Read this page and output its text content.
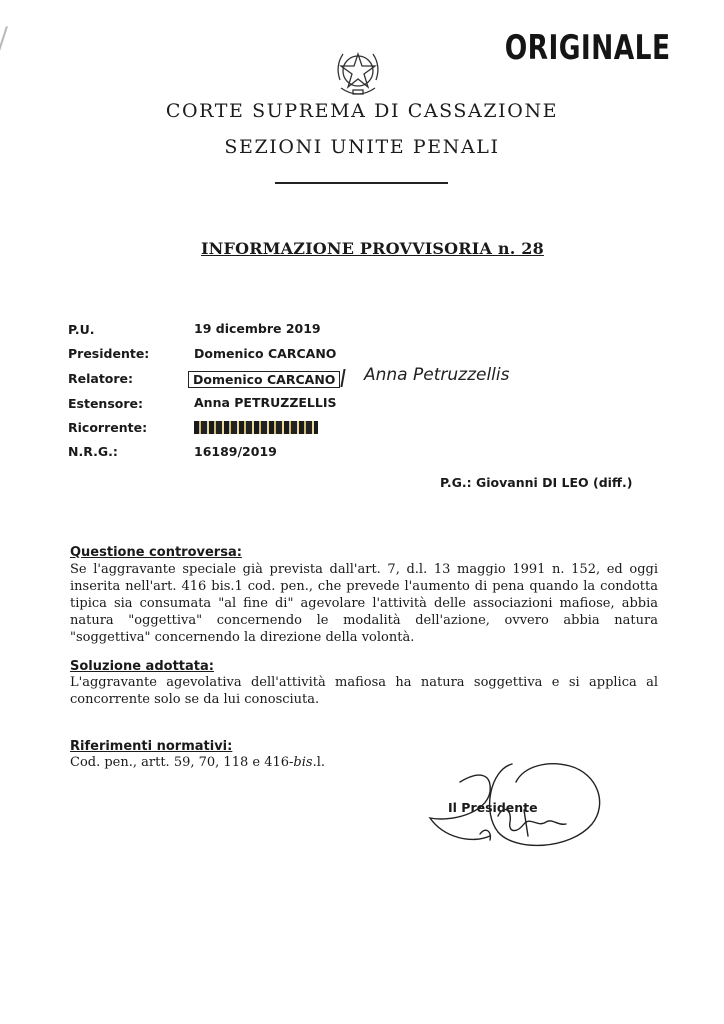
ORIGINALE
CORTE SUPREMA DI CASSAZIONE
SEZIONI UNITE PENALI
INFORMAZIONE PROVVISORIA n. 28
P.U.	19 dicembre 2019
Presidente:	Domenico CARCANO
Relatore:	Domenico CARCANO	Anna Petruzzellis
Estensore:	Anna PETRUZZELLIS
Ricorrente:
N.R.G.:	16189/2019
P.G.: Giovanni DI LEO (diff.)
Questione controversa:
Se l'aggravante speciale già prevista dall'art. 7, d.l. 13 maggio 1991 n. 152, ed oggi inserita nell'art. 416 bis.1 cod. pen., che prevede l'aumento di pena quando la condotta tipica sia consumata "al fine di" agevolare l'attività delle associazioni mafiose, abbia natura "oggettiva" concernendo le modalità dell'azione, ovvero abbia natura "soggettiva" concernendo la direzione della volontà.
Soluzione adottata:
L'aggravante agevolativa dell'attività mafiosa ha natura soggettiva e si applica al concorrente solo se da lui conosciuta.
Riferimenti normativi:
Cod. pen., artt. 59, 70, 118 e 416-bis.l.
Il Presidente
